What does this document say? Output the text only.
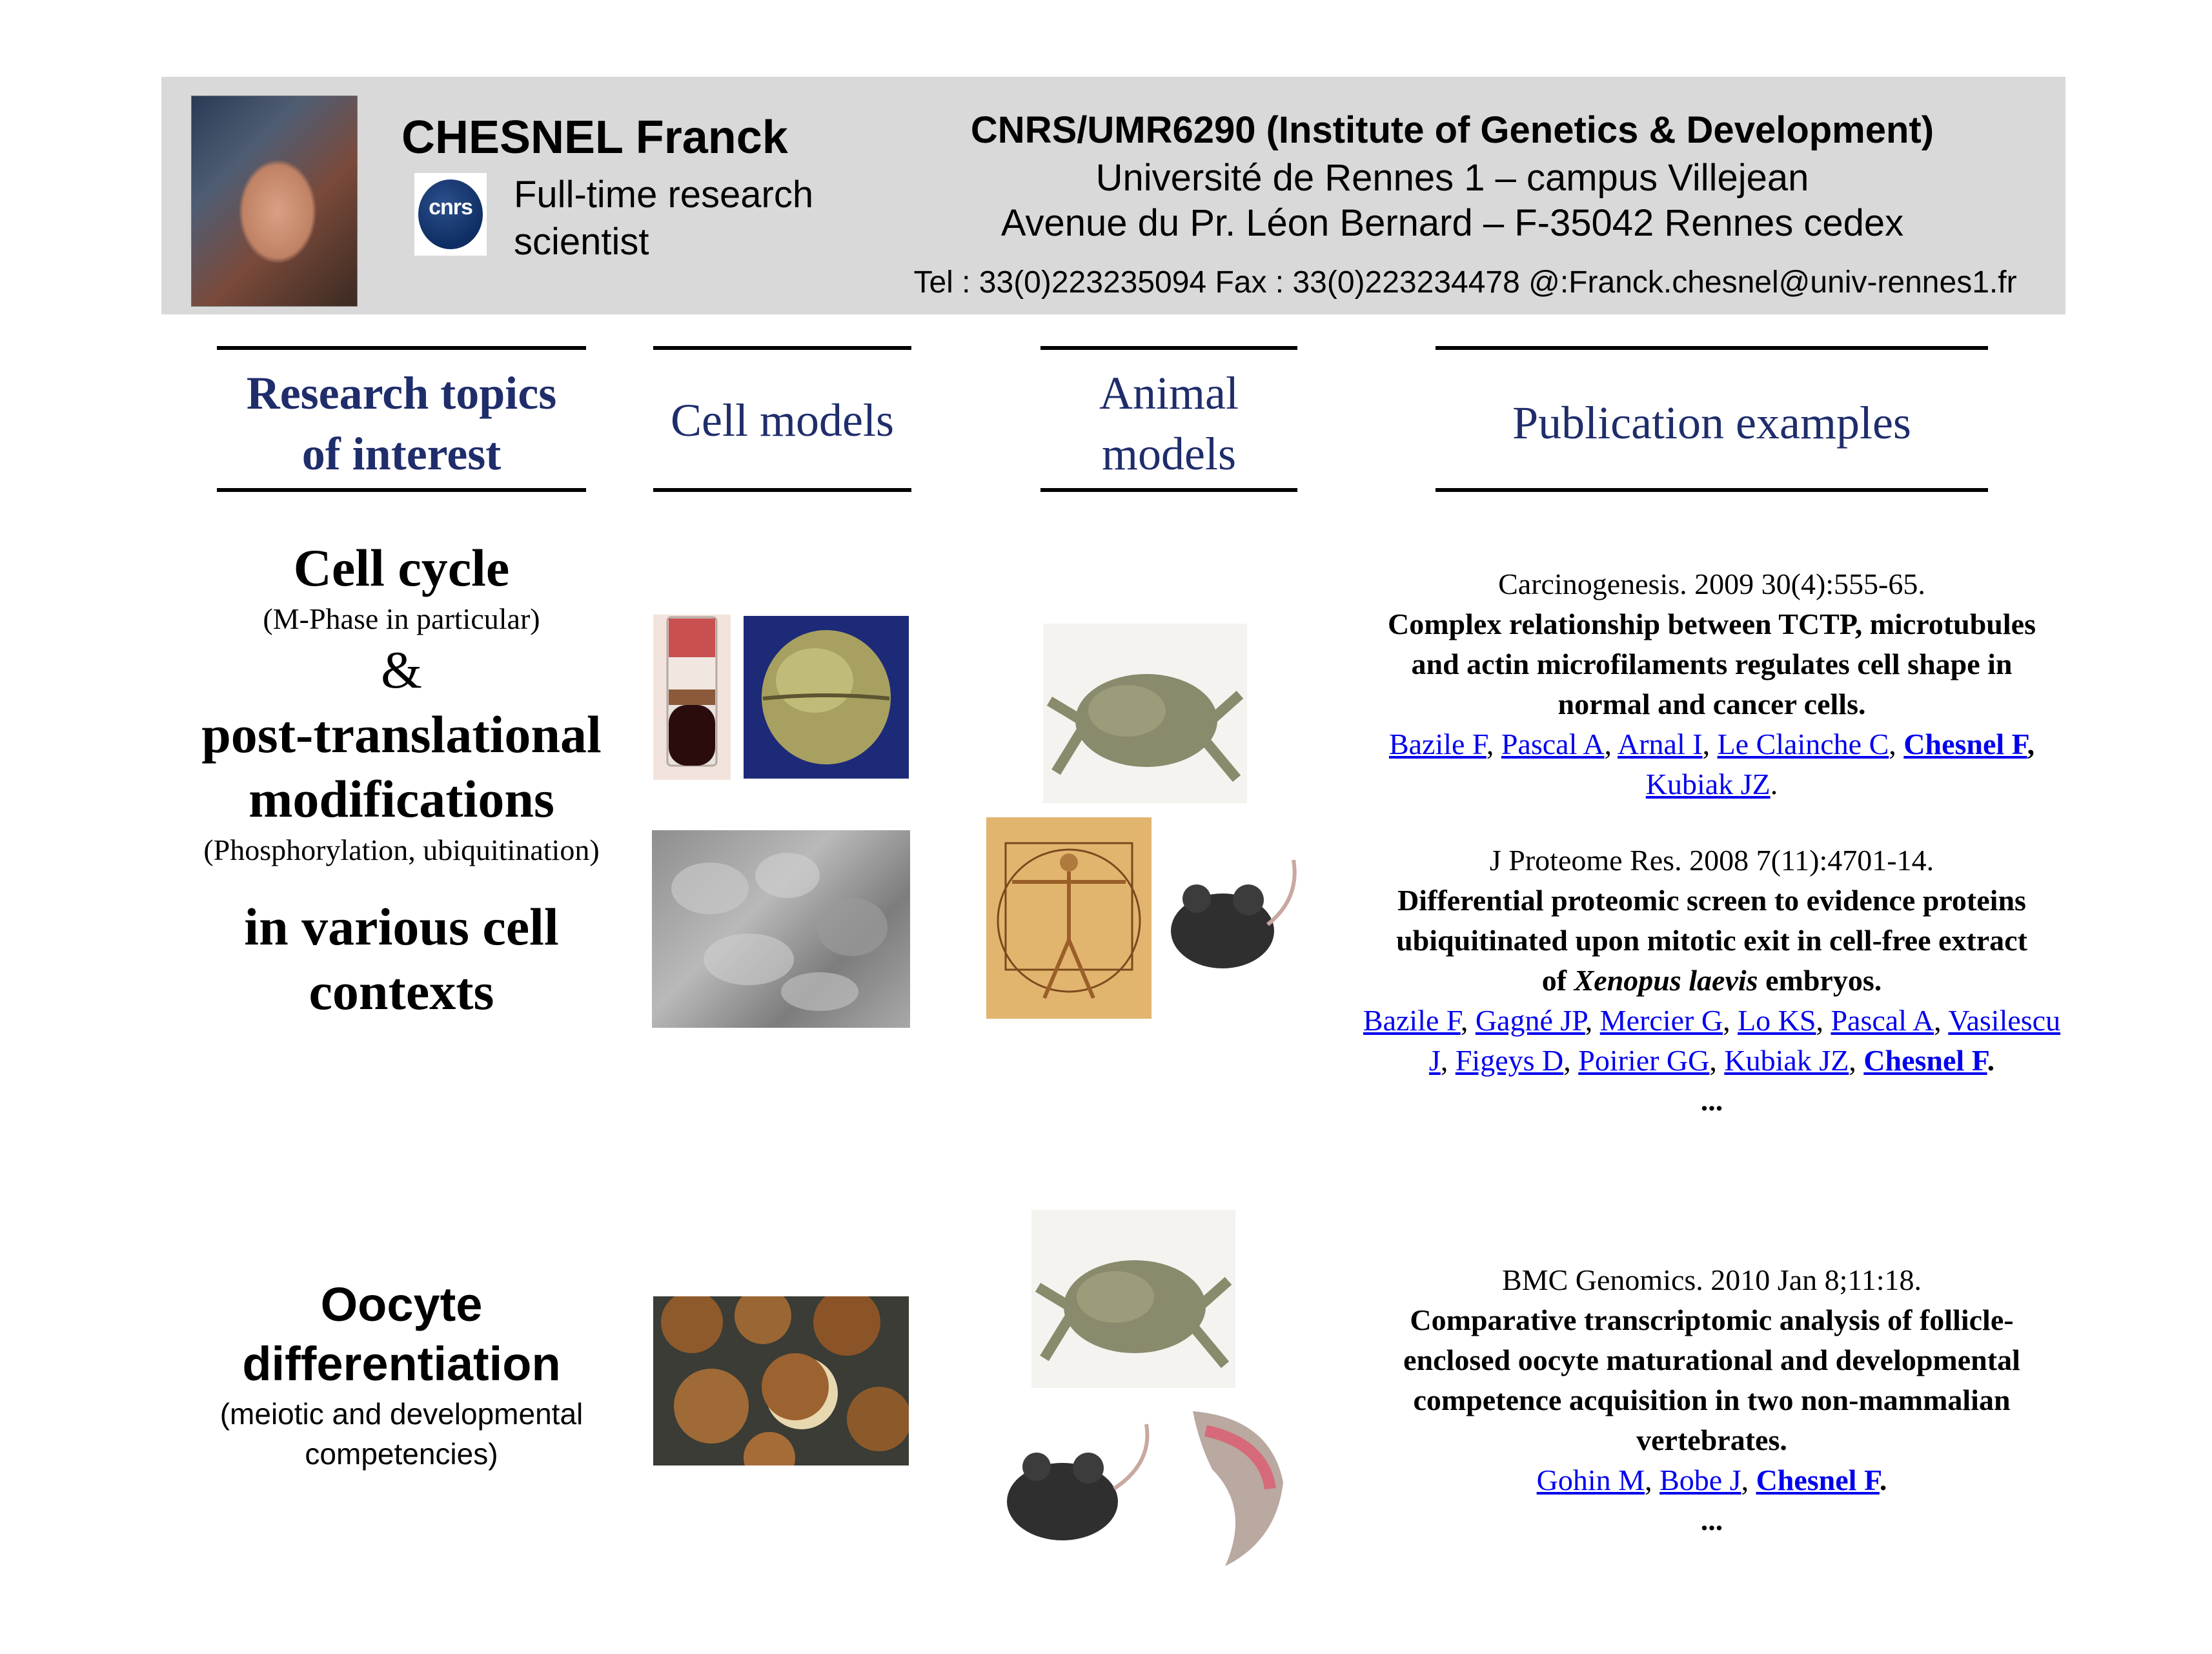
CHESNEL Franck
cnrs	Full-time research
scientist
CNRS/UMR6290 (Institute of Genetics & Development)
Université de Rennes 1 – campus Villejean
Avenue du Pr. Léon Bernard – F-35042 Rennes cedex
Tel : 33(0)223235094 Fax : 33(0)223234478 @:Franck.chesnel@univ-rennes1.fr
Research topics
of interest
Cell models
Animal
models
Publication examples
Cell cycle
(M-Phase in particular)
&
post-translational
modifications
(Phosphorylation, ubiquitination)
in various cell
contexts
Oocyte
differentiation
(meiotic and developmental
competencies)
Carcinogenesis. 2009 30(4):555-65.
Complex relationship between TCTP, microtubules
and actin microfilaments regulates cell shape in
normal and cancer cells.
Bazile F, Pascal A, Arnal I, Le Clainche C, Chesnel F,
Kubiak JZ.
J Proteome Res. 2008 7(11):4701-14.
Differential proteomic screen to evidence proteins
ubiquitinated upon mitotic exit in cell-free extract
of Xenopus laevis embryos.
Bazile F, Gagné JP, Mercier G, Lo KS, Pascal A, Vasilescu
J, Figeys D, Poirier GG, Kubiak JZ, Chesnel F.
...
BMC Genomics. 2010 Jan 8;11:18.
Comparative transcriptomic analysis of follicle-
enclosed oocyte maturational and developmental
competence acquisition in two non-mammalian
vertebrates.
Gohin M, Bobe J, Chesnel F.
...
